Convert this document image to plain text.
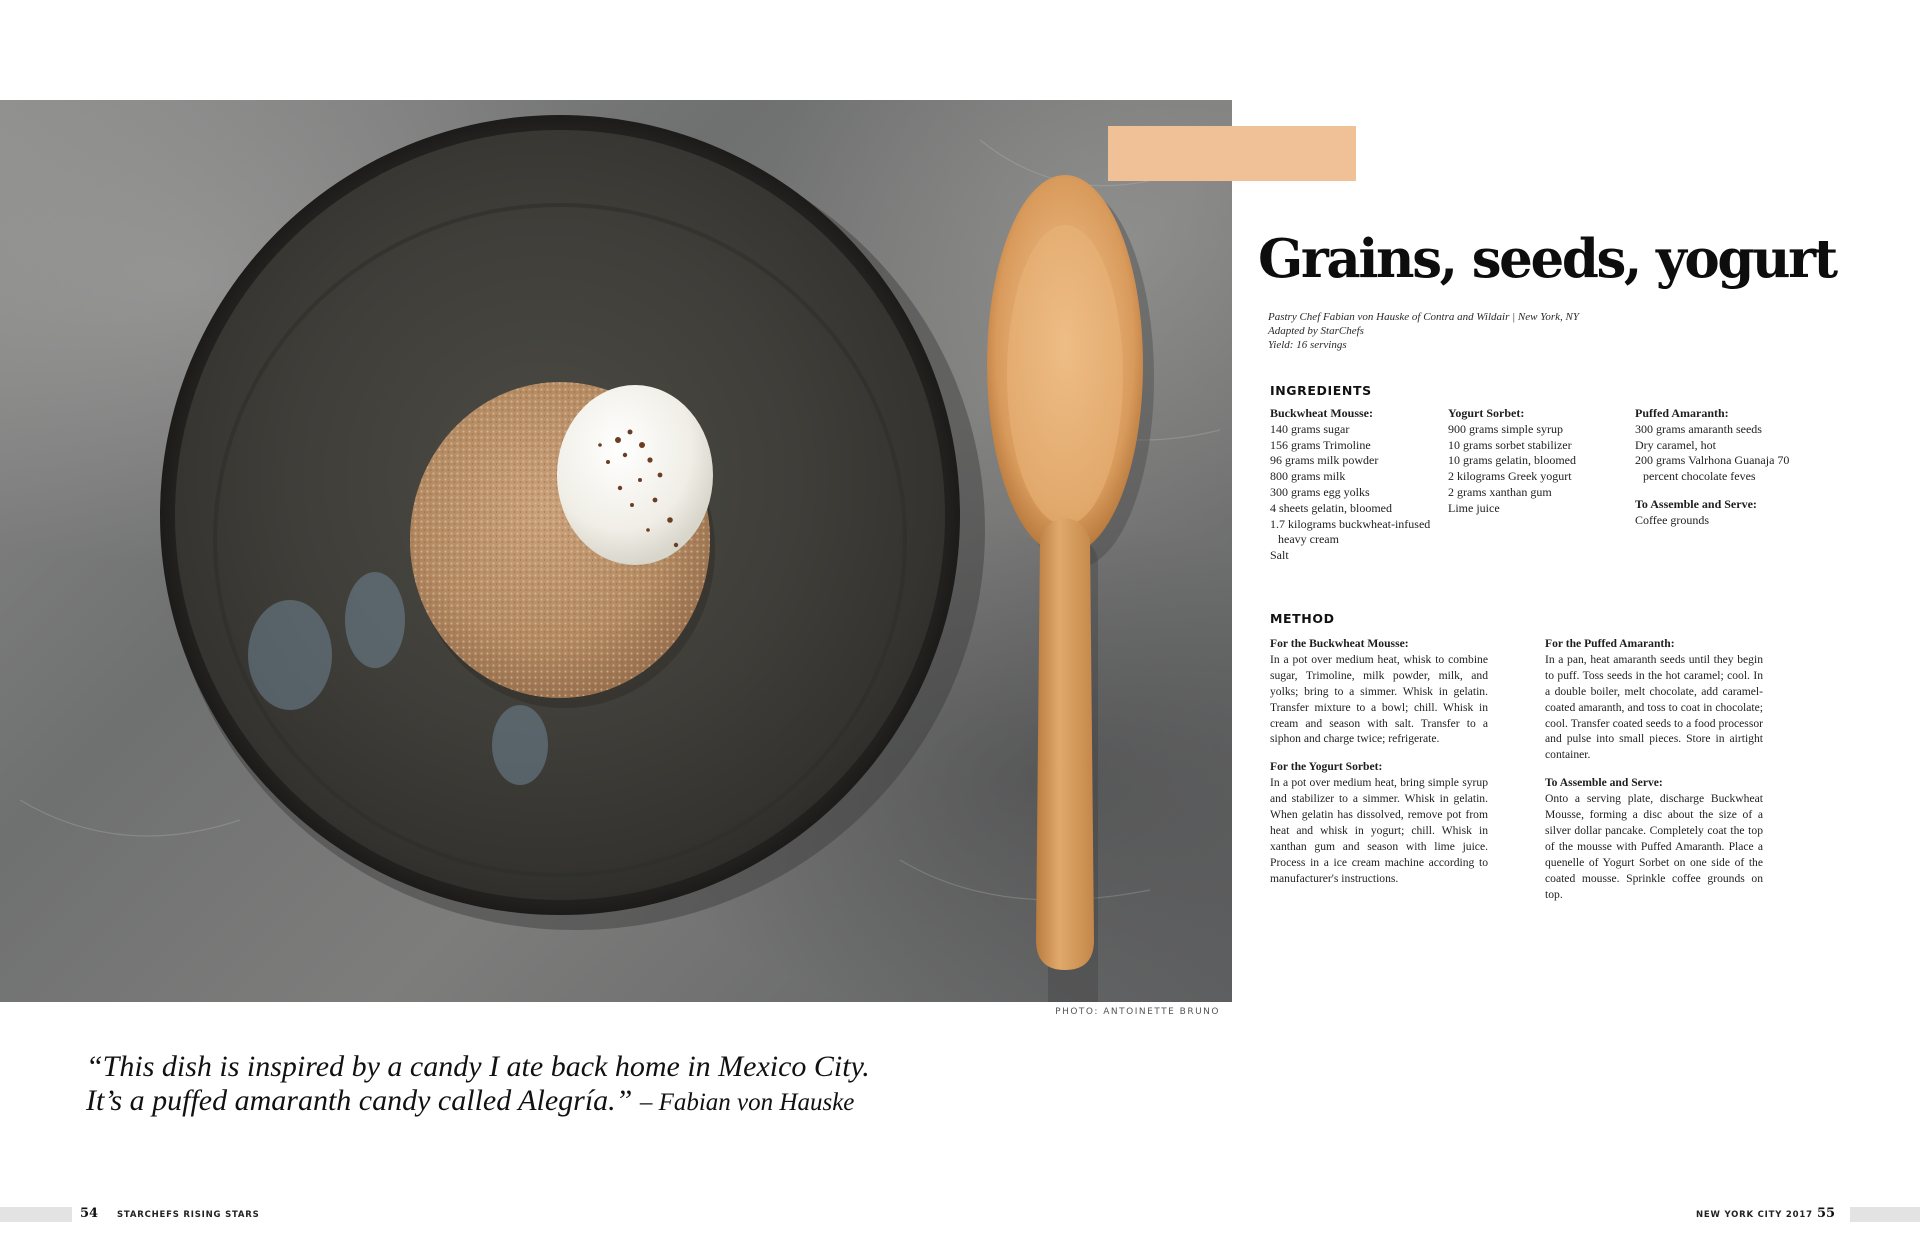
PHOTO: ANTOINETTE BRUNO
Grains, seeds, yogurt
Pastry Chef Fabian von Hauske of Contra and Wildair | New York, NY
Adapted by StarChefs
Yield: 16 servings
INGREDIENTS
Buckwheat Mousse:
140 grams sugar
156 grams Trimoline
96 grams milk powder
800 grams milk
300 grams egg yolks
4 sheets gelatin, bloomed
1.7 kilograms buckwheat-infused heavy cream
Salt
Yogurt Sorbet:
900 grams simple syrup
10 grams sorbet stabilizer
10 grams gelatin, bloomed
2 kilograms Greek yogurt
2 grams xanthan gum
Lime juice
Puffed Amaranth:
300 grams amaranth seeds
Dry caramel, hot
200 grams Valrhona Guanaja 70 percent chocolate feves
To Assemble and Serve:
Coffee grounds
METHOD
For the Buckwheat Mousse:
In a pot over medium heat, whisk to combine sugar, Trimoline, milk powder, milk, and yolks; bring to a simmer. Whisk in gelatin. Transfer mixture to a bowl; chill. Whisk in cream and season with salt. Transfer to a siphon and charge twice; refrigerate.
For the Yogurt Sorbet:
In a pot over medium heat, bring simple syrup and stabilizer to a simmer. Whisk in gelatin. When gelatin has dissolved, remove pot from heat and whisk in yogurt; chill. Whisk in xanthan gum and season with lime juice. Process in a ice cream machine according to manufacturer's instructions.
For the Puffed Amaranth:
In a pan, heat amaranth seeds until they begin to puff. Toss seeds in the hot caramel; cool. In a double boiler, melt chocolate, add caramel-coated amaranth, and toss to coat in chocolate; cool. Transfer coated seeds to a food processor and pulse into small pieces. Store in airtight container.
To Assemble and Serve:
Onto a serving plate, discharge Buckwheat Mousse, forming a disc about the size of a silver dollar pancake. Completely coat the top of the mousse with Puffed Amaranth. Place a quenelle of Yogurt Sorbet on one side of the coated mousse. Sprinkle coffee grounds on top.
“This dish is inspired by a candy I ate back home in Mexico City.
It’s a puffed amaranth candy called Alegría.” – Fabian von Hauske
54 STARCHEFS RISING STARS	NEW YORK CITY 2017 55
